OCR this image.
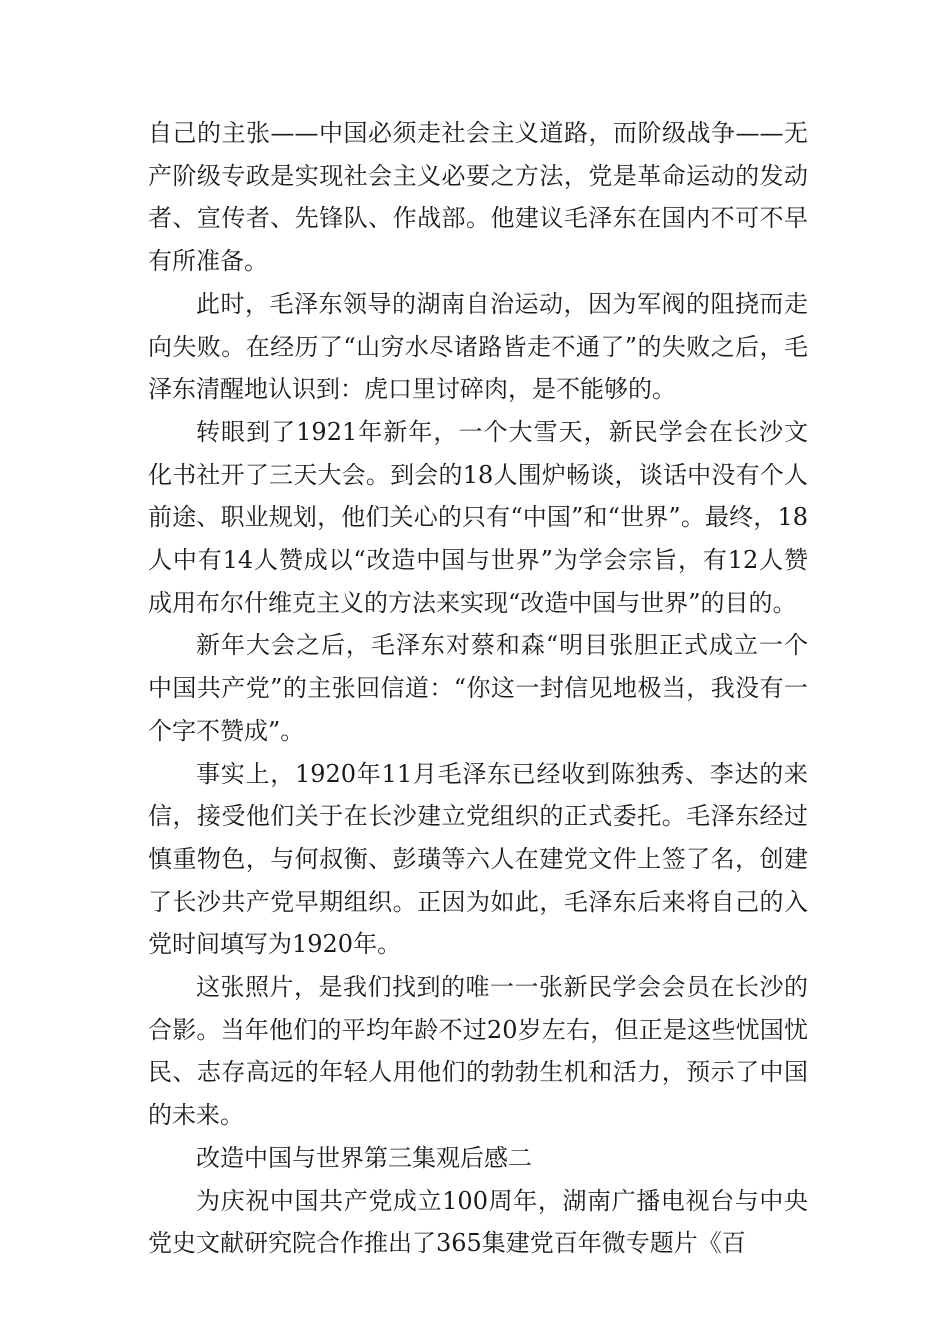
自己的主张——中国必须走社会主义道路，而阶级战争——无产阶级专政是实现社会主义必要之方法，党是革命运动的发动者、宣传者、先锋队、作战部。他建议毛泽东在国内不可不早有所准备。

此时，毛泽东领导的湖南自治运动，因为军阀的阻挠而走向失败。在经历了“山穷水尽诸路皆走不通了”的失败之后，毛泽东清醒地认识到：虎口里讨碎肉，是不能够的。

转眼到了1921年新年，一个大雪天，新民学会在长沙文化书社开了三天大会。到会的18人围炉畅谈，谈话中没有个人前途、职业规划，他们关心的只有“中国”和“世界”。最终，18人中有14人赞成以“改造中国与世界”为学会宗旨，有12人赞成用布尔什维克主义的方法来实现“改造中国与世界”的目的。

新年大会之后，毛泽东对蔡和森“明目张胆正式成立一个中国共产党”的主张回信道：“你这一封信见地极当，我没有一个字不赞成”。

事实上，1920年11月毛泽东已经收到陈独秀、李达的来信，接受他们关于在长沙建立党组织的正式委托。毛泽东经过慎重物色，与何叔衡、彭璜等六人在建党文件上签了名，创建了长沙共产党早期组织。正因为如此，毛泽东后来将自己的入党时间填写为1920年。

这张照片，是我们找到的唯一一张新民学会会员在长沙的合影。当年他们的平均年龄不过20岁左右，但正是这些忧国忧民、志存高远的年轻人用他们的勃勃生机和活力，预示了中国的未来。

改造中国与世界第三集观后感二

为庆祝中国共产党成立100周年，湖南广播电视台与中央党史文献研究院合作推出了365集建党百年微专题片《百
